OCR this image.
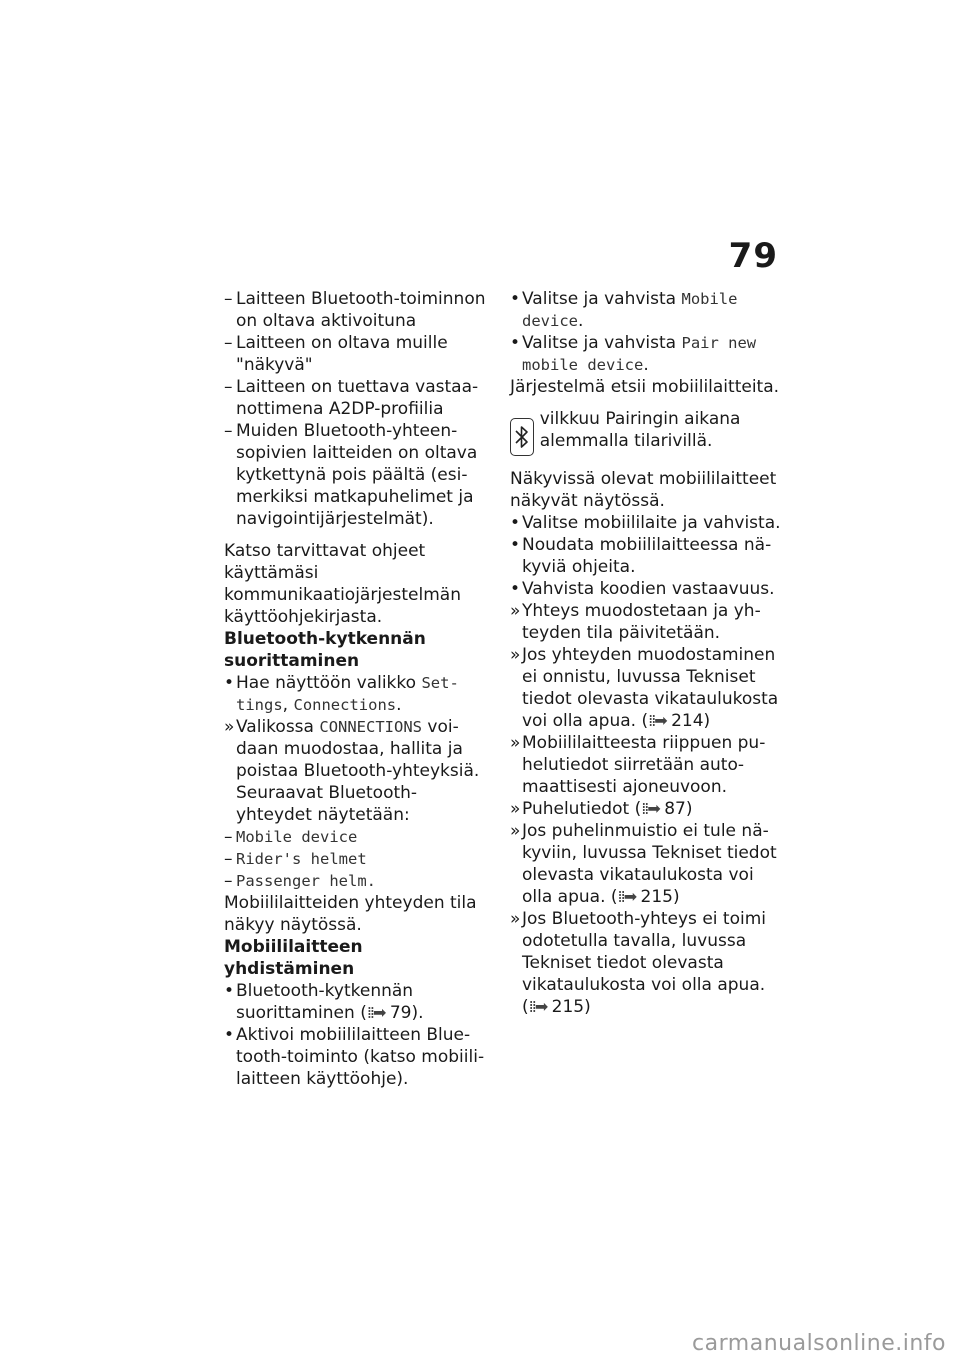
79
– Laitteen Bluetooth-toiminnon on oltava aktivoituna
– Laitteen on oltava muille "näkyvä"
– Laitteen on tuettava vastaanottimena A2DP-profiilia
– Muiden Bluetooth-yhteensopivien laitteiden on oltava kytkettynä pois päältä (esimerkiksi matkapuhelimet ja navigointijärjestelmät).

Katso tarvittavat ohjeet käyttämäsi kommunikaatiojärjestelmän käyttöohjekirjasta.

Bluetooth-kytkennän suorittaminen

• Hae näyttöön valikko Settings, Connections.
» Valikossa CONNECTIONS voidaan muodostaa, hallita ja poistaa Bluetooth-yhteyksiä. Seuraavat Bluetooth-yhteydet näytetään:
– Mobile device
– Rider's helmet
– Passenger helm.

Mobiililaitteiden yhteyden tila näkyy näytössä.

Mobiililaitteen yhdistäminen

• Bluetooth-kytkennän suorittaminen (⁞⁞➡ 79).
• Aktivoi mobiililaitteen Bluetooth-toiminto (katso mobiililaitteen käyttöohje).
• Valitse ja vahvista Mobile device.
• Valitse ja vahvista Pair new mobile device.

Järjestelmä etsii mobiililaitteita.

vilkkuu Pairingin aikana alemmalla tilarivillä.

Näkyvissä olevat mobiililaitteet näkyvät näytössä.

• Valitse mobiililaite ja vahvista.
• Noudata mobiililaitteessa näkyviä ohjeita.
• Vahvista koodien vastaavuus.
» Yhteys muodostetaan ja yhteyden tila päivitetään.
» Jos yhteyden muodostaminen ei onnistu, luvussa Tekniset tiedot olevasta vikataulukosta voi olla apua. (⁞⁞➡ 214)
» Mobiililaitteesta riippuen puhelutiedot siirretään automaattisesti ajoneuvoon.
» Puhelutiedot (⁞⁞➡ 87)
» Jos puhelinmuistio ei tule näkyviin, luvussa Tekniset tiedot olevasta vikataulukosta voi olla apua. (⁞⁞➡ 215)
» Jos Bluetooth-yhteys ei toimi odotetulla tavalla, luvussa Tekniset tiedot olevasta vikataulukosta voi olla apua. (⁞⁞➡ 215)
carmanualsonline.info
